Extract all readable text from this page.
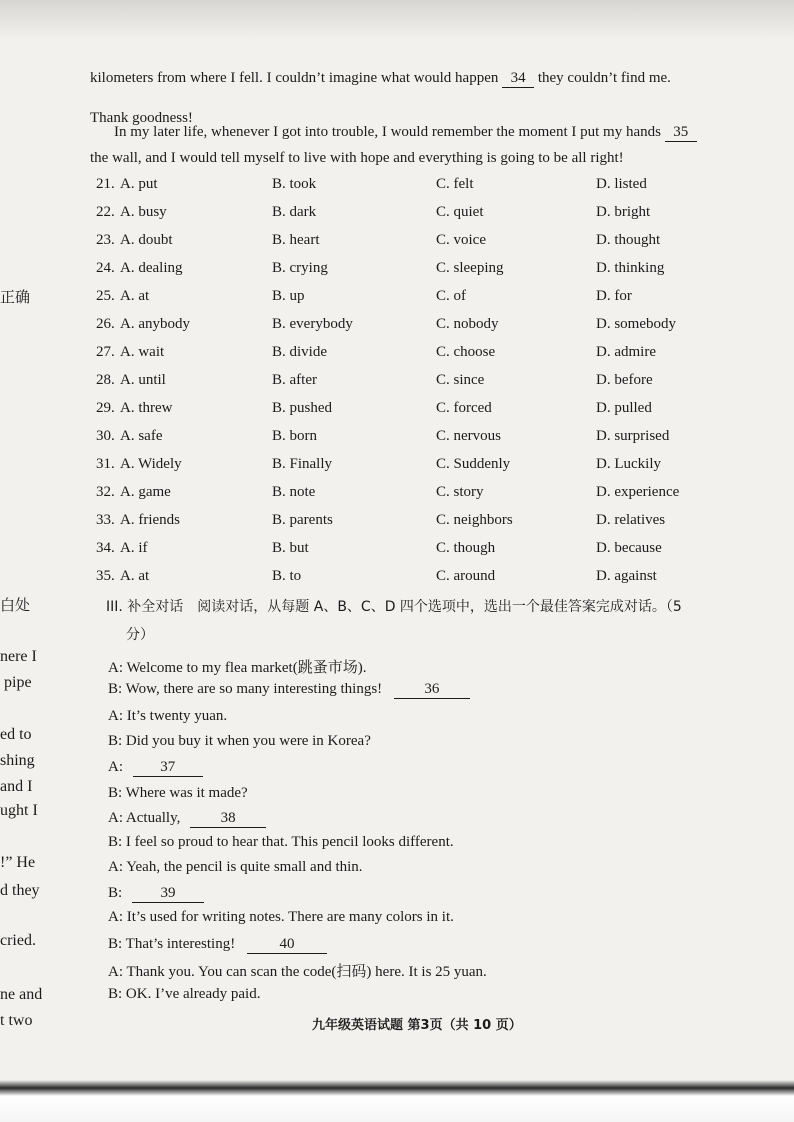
正确
白处
nere I
pipe
ed to
shing
and I
ught I
!” He
d they
cried.
ne and
t two
kilometers from where I fell. I couldn’t imagine what would happen 34 they couldn’t find me.
Thank goodness!
In my later life, whenever I got into trouble, I would remember the moment I put my hands 35
the wall, and I would tell myself to live with hope and everything is going to be all right!
21. A. put	B. took	C. felt	D. listed
22. A. busy	B. dark	C. quiet	D. bright
23. A. doubt	B. heart	C. voice	D. thought
24. A. dealing	B. crying	C. sleeping	D. thinking
25. A. at	B. up	C. of	D. for
26. A. anybody	B. everybody	C. nobody	D. somebody
27. A. wait	B. divide	C. choose	D. admire
28. A. until	B. after	C. since	D. before
29. A. threw	B. pushed	C. forced	D. pulled
30. A. safe	B. born	C. nervous	D. surprised
31. A. Widely	B. Finally	C. Suddenly	D. Luckily
32. A. game	B. note	C. story	D. experience
33. A. friends	B. parents	C. neighbors	D. relatives
34. A. if	B. but	C. though	D. because
35. A. at	B. to	C. around	D. against
III. 补全对话　阅读对话，从每题 A、B、C、D 四个选项中，选出一个最佳答案完成对话。（5
分）
A: Welcome to my flea market(跳蚤市场).
B: Wow, there are so many interesting things!	36
A: It’s twenty yuan.
B: Did you buy it when you were in Korea?
A: 37
B: Where was it made?
A: Actually,	38
B: I feel so proud to hear that. This pencil looks different.
A: Yeah, the pencil is quite small and thin.
B:	39
A: It’s used for writing notes. There are many colors in it.
B: That’s interesting!	40
A: Thank you. You can scan the code(扫码) here. It is 25 yuan.
B: OK. I’ve already paid.
九年级英语试题 第3页（共 10 页）
